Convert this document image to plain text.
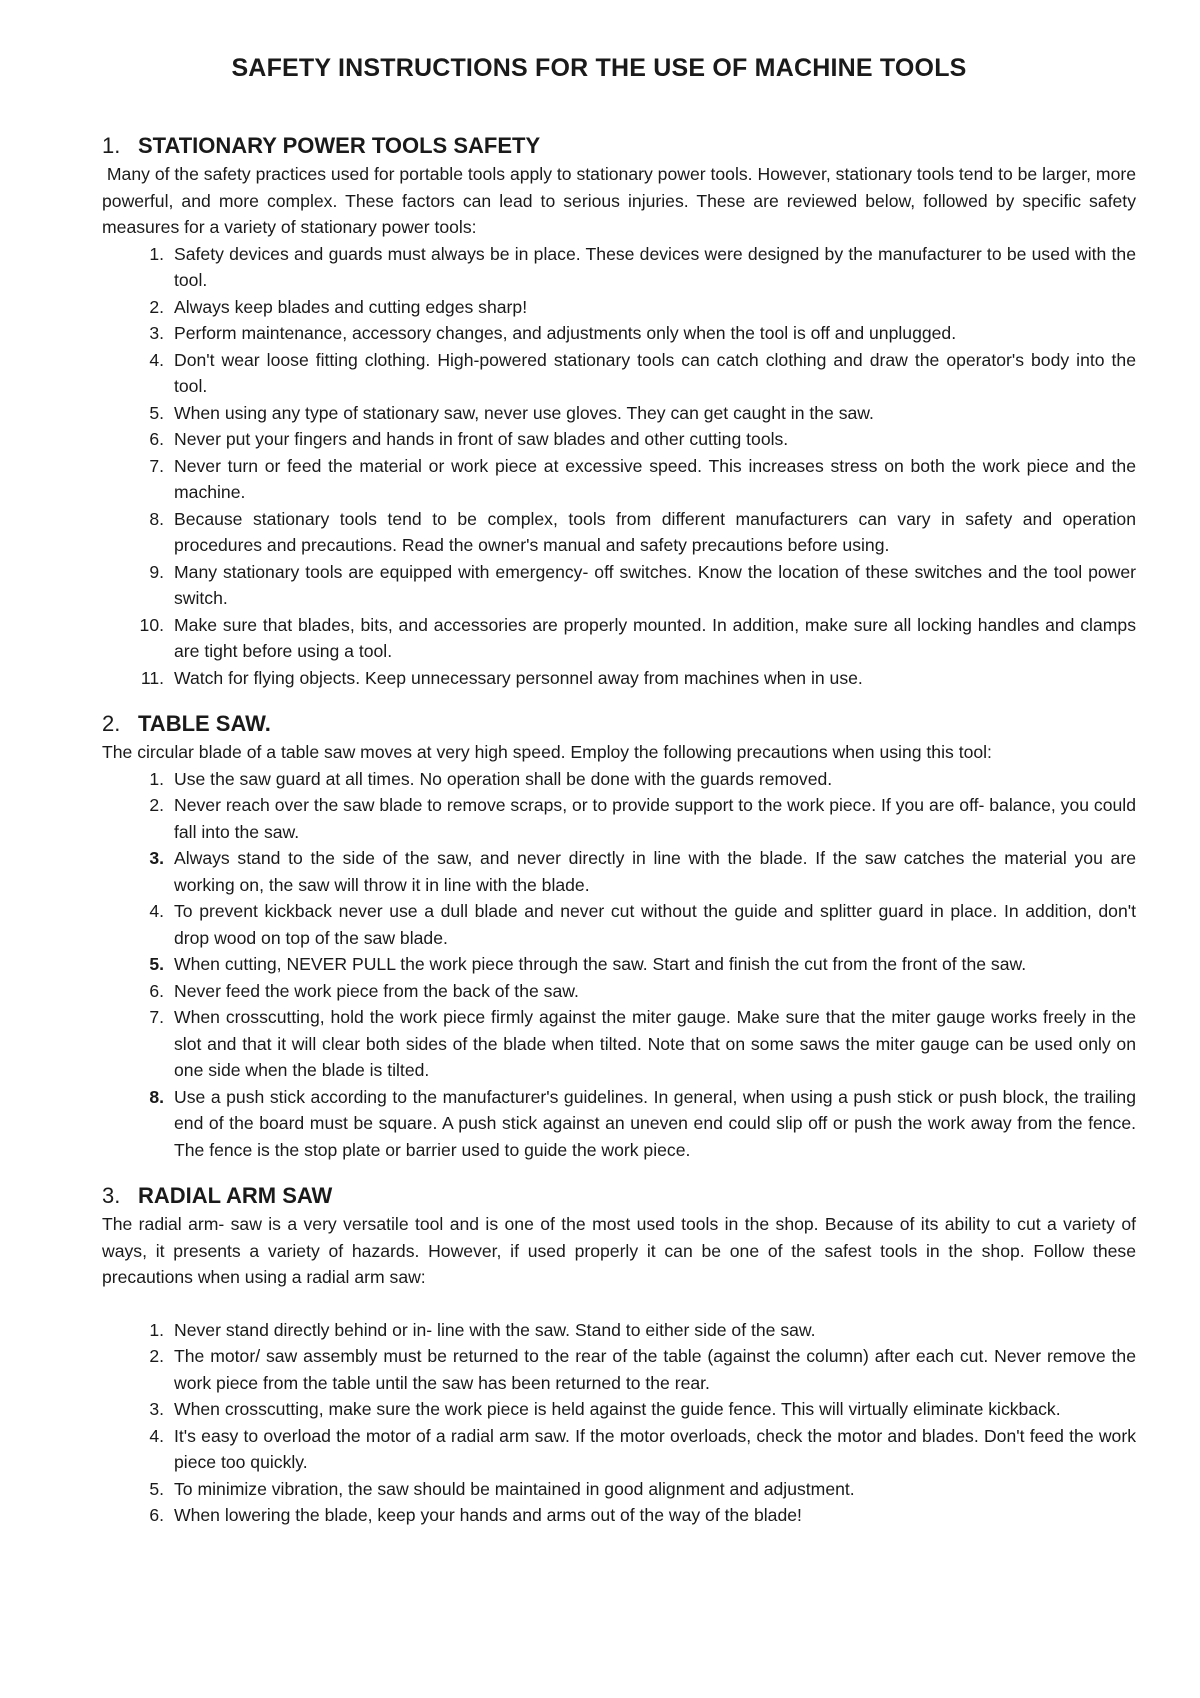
SAFETY INSTRUCTIONS FOR THE USE OF MACHINE TOOLS
1. STATIONARY POWER TOOLS SAFETY

Many of the safety practices used for portable tools apply to stationary power tools. However, stationary tools tend to be larger, more powerful, and more complex. These factors can lead to serious injuries. These are reviewed below, followed by specific safety measures for a variety of stationary power tools:

1. Safety devices and guards must always be in place. These devices were designed by the manufacturer to be used with the tool.
2. Always keep blades and cutting edges sharp!
3. Perform maintenance, accessory changes, and adjustments only when the tool is off and unplugged.
4. Don't wear loose fitting clothing. High-powered stationary tools can catch clothing and draw the operator's body into the tool.
5. When using any type of stationary saw, never use gloves. They can get caught in the saw.
6. Never put your fingers and hands in front of saw blades and other cutting tools.
7. Never turn or feed the material or work piece at excessive speed. This increases stress on both the work piece and the machine.
8. Because stationary tools tend to be complex, tools from different manufacturers can vary in safety and operation procedures and precautions. Read the owner's manual and safety precautions before using.
9. Many stationary tools are equipped with emergency- off switches. Know the location of these switches and the tool power switch.
10. Make sure that blades, bits, and accessories are properly mounted. In addition, make sure all locking handles and clamps are tight before using a tool.
11. Watch for flying objects. Keep unnecessary personnel away from machines when in use.
2. TABLE SAW.

The circular blade of a table saw moves at very high speed. Employ the following precautions when using this tool:

1. Use the saw guard at all times. No operation shall be done with the guards removed.
2. Never reach over the saw blade to remove scraps, or to provide support to the work piece. If you are off- balance, you could fall into the saw.
3. Always stand to the side of the saw, and never directly in line with the blade. If the saw catches the material you are working on, the saw will throw it in line with the blade.
4. To prevent kickback never use a dull blade and never cut without the guide and splitter guard in place. In addition, don't drop wood on top of the saw blade.
5. When cutting, NEVER PULL the work piece through the saw. Start and finish the cut from the front of the saw.
6. Never feed the work piece from the back of the saw.
7. When crosscutting, hold the work piece firmly against the miter gauge. Make sure that the miter gauge works freely in the slot and that it will clear both sides of the blade when tilted. Note that on some saws the miter gauge can be used only on one side when the blade is tilted.
8. Use a push stick according to the manufacturer's guidelines. In general, when using a push stick or push block, the trailing end of the board must be square. A push stick against an uneven end could slip off or push the work away from the fence. The fence is the stop plate or barrier used to guide the work piece.
3. RADIAL ARM SAW

The radial arm- saw is a very versatile tool and is one of the most used tools in the shop. Because of its ability to cut a variety of ways, it presents a variety of hazards. However, if used properly it can be one of the safest tools in the shop. Follow these precautions when using a radial arm saw:

1. Never stand directly behind or in- line with the saw. Stand to either side of the saw.
2. The motor/ saw assembly must be returned to the rear of the table (against the column) after each cut. Never remove the work piece from the table until the saw has been returned to the rear.
3. When crosscutting, make sure the work piece is held against the guide fence. This will virtually eliminate kickback.
4. It's easy to overload the motor of a radial arm saw. If the motor overloads, check the motor and blades. Don't feed the work piece too quickly.
5. To minimize vibration, the saw should be maintained in good alignment and adjustment.
6. When lowering the blade, keep your hands and arms out of the way of the blade!
